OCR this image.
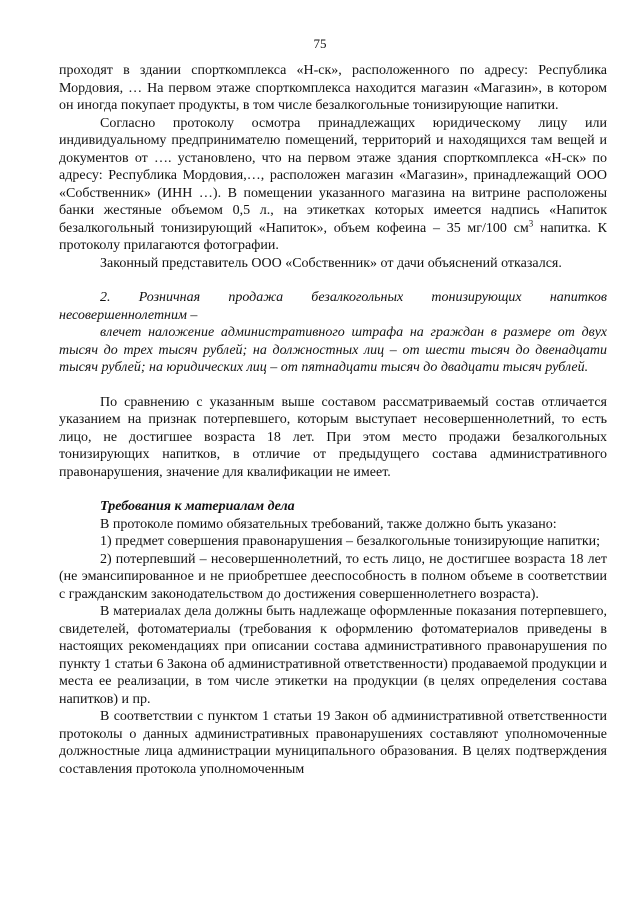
75

проходят в здании спорткомплекса «Н-ск», расположенного по адресу: Республика Мордовия, … На первом этаже спорткомплекса находится магазин «Магазин», в котором он иногда покупает продукты, в том числе безалкогольные тонизирующие напитки.

Согласно протоколу осмотра принадлежащих юридическому лицу или индивидуальному предпринимателю помещений, территорий и находящихся там вещей и документов от …. установлено, что на первом этаже здания спорткомплекса «Н-ск» по адресу: Республика Мордовия,…, расположен магазин «Магазин», принадлежащий ООО «Собственник» (ИНН …). В помещении указанного магазина на витрине расположены банки жестяные объемом 0,5 л., на этикетках которых имеется надпись «Напиток безалкогольный тонизирующий «Напиток», объем кофеина – 35 мг/100 $см^3$ напитка. К протоколу прилагаются фотографии.

Законный представитель ООО «Собственник» от дачи объяснений отказался.

2. Розничная продажа безалкогольных тонизирующих напитков несовершеннолетним –

влечет наложение административного штрафа на граждан в размере от двух тысяч до трех тысяч рублей; на должностных лиц – от шести тысяч до двенадцати тысяч рублей; на юридических лиц – от пятнадцати тысяч до двадцати тысяч рублей.

По сравнению с указанным выше составом рассматриваемый состав отличается указанием на признак потерпевшего, которым выступает несовершеннолетний, то есть лицо, не достигшее возраста 18 лет. При этом место продажи безалкогольных тонизирующих напитков, в отличие от предыдущего состава административного правонарушения, значение для квалификации не имеет.

Требования к материалам дела

В протоколе помимо обязательных требований, также должно быть указано:

1) предмет совершения правонарушения – безалкогольные тонизирующие напитки;

2) потерпевший – несовершеннолетний, то есть лицо, не достигшее возраста 18 лет (не эмансипированное и не приобретшее дееспособность в полном объеме в соответствии с гражданским законодательством до достижения совершеннолетнего возраста).

В материалах дела должны быть надлежаще оформленные показания потерпевшего, свидетелей, фотоматериалы (требования к оформлению фотоматериалов приведены в настоящих рекомендациях при описании состава административного правонарушения по пункту 1 статьи 6 Закона об административной ответственности) продаваемой продукции и места ее реализации, в том числе этикетки на продукции (в целях определения состава напитков) и пр.

В соответствии с пунктом 1 статьи 19 Закон об административной ответственности протоколы о данных административных правонарушениях составляют уполномоченные должностные лица администрации муниципального образования. В целях подтверждения составления протокола уполномоченным
